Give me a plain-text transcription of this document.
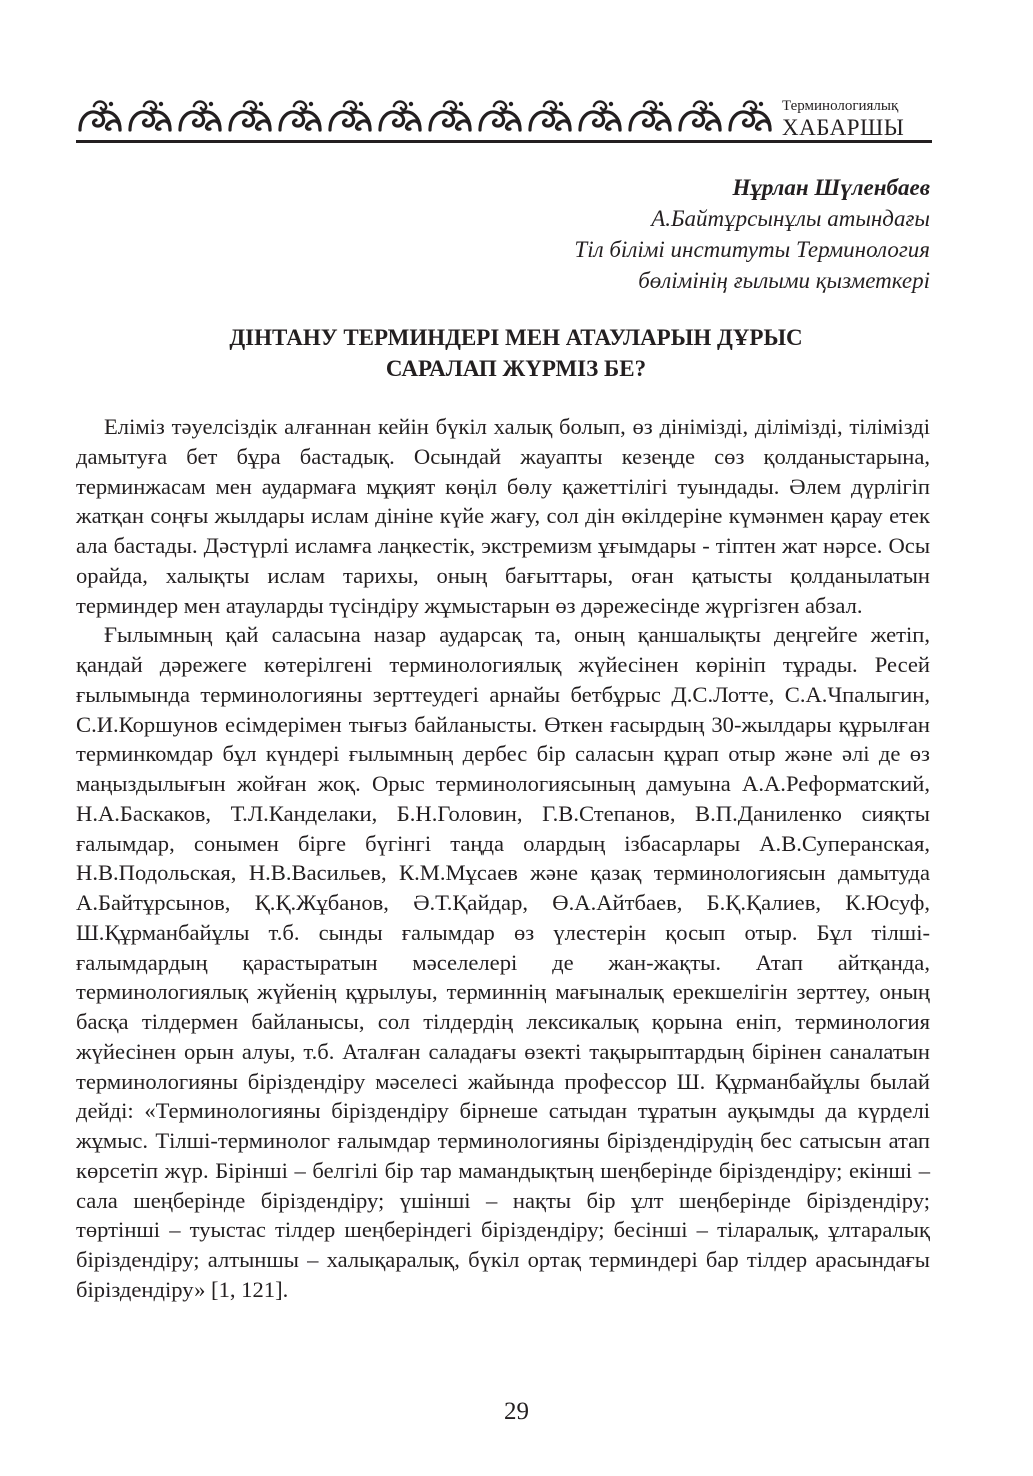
Терминологиялық
ХАБАРШЫ
Нұрлан Шүленбаев
А.Байтұрсынұлы атындағы
Тіл білімі институты Терминология
бөлімінің ғылыми қызметкері
ДІНТАНУ ТЕРМИНДЕРІ МЕН АТАУЛАРЫН ДҰРЫС
САРАЛАП ЖҮРМІЗ БЕ?

Еліміз тәуелсіздік алғаннан кейін бүкіл халық болып, өз дінімізді, ділімізді, тілімізді дамытуға бет бұра бастадық. Осындай жауапты кезеңде сөз қолданыстарына, терминжасам мен аудармаға мұқият көңіл бөлу қажеттілігі туындады. Әлем дүрлігіп жатқан соңғы жылдары ислам дініне күйе жағу, сол дін өкілдеріне күмәнмен қарау етек ала бастады. Дәстүрлі исламға лаңкестік, экстремизм ұғымдары - тіптен жат нәрсе. Осы орайда, халықты ислам тарихы, оның бағыттары, оған қатысты қолданылатын терминдер мен атауларды түсіндіру жұмыстарын өз дәрежесінде жүргізген абзал.

Ғылымның қай саласына назар аударсақ та, оның қаншалықты деңгейге жетіп, қандай дәрежеге көтерілгені терминологиялық жүйесінен көрініп тұрады. Ресей ғылымында терминологияны зерттеудегі арнайы бетбұрыс Д.С.Лотте, С.А.Чпалыгин, С.И.Коршунов есімдерімен тығыз байланысты. Өткен ғасырдың 30-жылдары құрылған терминкомдар бұл күндері ғылымның дербес бір саласын құрап отыр және әлі де өз маңыздылығын жойған жоқ. Орыс терминологиясының дамуына А.А.Реформатский, Н.А.Баскаков, Т.Л.Канделаки, Б.Н.Головин, Г.В.Степанов, В.П.Даниленко сияқты ғалымдар, сонымен бірге бүгінгі таңда олардың ізбасарлары А.В.Суперанская, Н.В.Подольская, Н.В.Васильев, К.М.Мұсаев және қазақ терминологиясын дамытуда А.Байтұрсынов, Қ.Қ.Жұбанов, Ә.Т.Қайдар, Ө.А.Айтбаев, Б.Қ.Қалиев, К.Юсуф, Ш.Құрманбайұлы т.б. сынды ғалымдар өз үлестерін қосып отыр. Бұл тілші-ғалымдардың қарастыратын мәселелері де жан-жақты. Атап айтқанда, терминологиялық жүйенің құрылуы, терминнің мағыналық ерекшелігін зерттеу, оның басқа тілдермен байланысы, сол тілдердің лексикалық қорына еніп, терминология жүйесінен орын алуы, т.б. Аталған саладағы өзекті тақырыптардың бірінен саналатын терминологияны біріздендіру мәселесі жайында профессор Ш. Құрманбайұлы былай дейді: «Терминологияны біріздендіру бірнеше сатыдан тұратын ауқымды да күрделі жұмыс. Тілші-терминолог ғалымдар терминологияны біріздендірудің бес сатысын атап көрсетіп жүр. Бірінші – белгілі бір тар мамандықтың шеңберінде біріздендіру; екінші – сала шеңберінде біріздендіру; үшінші – нақты бір ұлт шеңберінде біріздендіру; төртінші – туыстас тілдер шеңберіндегі біріздендіру; бесінші – тіларалық, ұлтаралық біріздендіру; алтыншы – халықаралық, бүкіл ортақ терминдері бар тілдер арасындағы біріздендіру» [1, 121].

29
